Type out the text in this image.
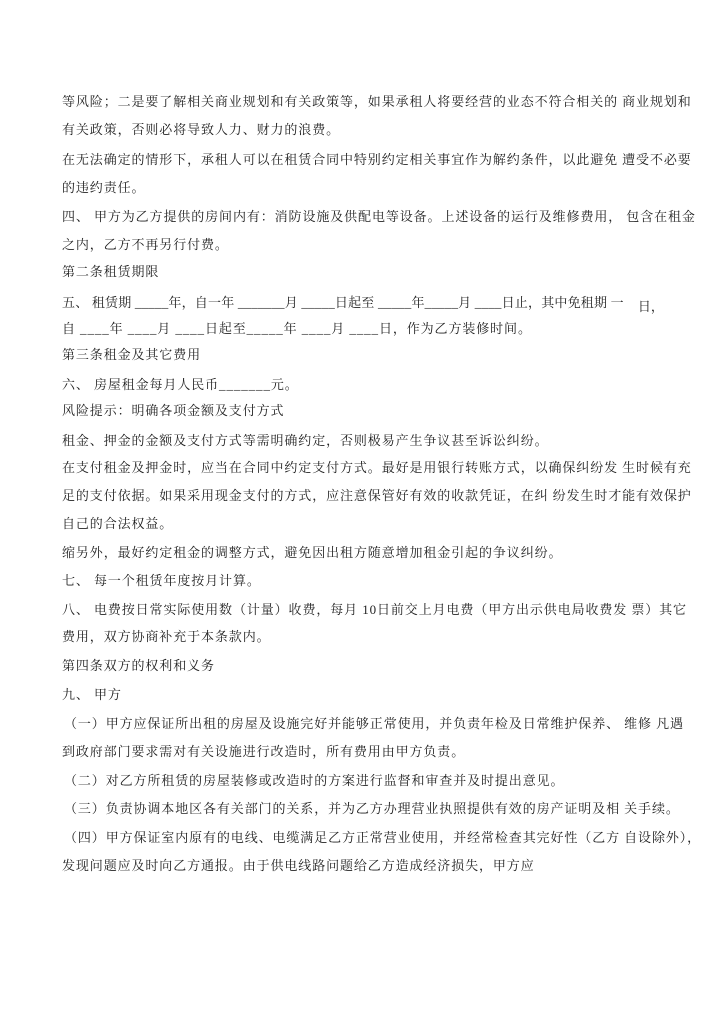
等风险；二是要了解相关商业规划和有关政策等，如果承租人将要经营的业态不符合相关的 商业规划和
有关政策，否则必将导致人力、财力的浪费。
在无法确定的情形下，承租人可以在租赁合同中特别约定相关事宜作为解约条件，以此避免 遭受不必要
的违约责任。
四、 甲方为乙方提供的房间内有：消防设施及供配电等设备。上述设备的运行及维修费用， 包含在租金
之内，乙方不再另行付费。
第二条租赁期限
五、 租赁期 _____年，自一年 _______月 _____日起至 _____年_____月 ____日止，其中免租期 一 日，
自 ____年 ____月 ____日起至_____年 ____月 ____日，作为乙方装修时间。
第三条租金及其它费用
六、 房屋租金每月人民币_______元。
风险提示：明确各项金额及支付方式
租金、押金的金额及支付方式等需明确约定，否则极易产生争议甚至诉讼纠纷。
在支付租金及押金时，应当在合同中约定支付方式。最好是用银行转账方式，以确保纠纷发 生时候有充
足的支付依据。如果采用现金支付的方式，应注意保管好有效的收款凭证，在纠 纷发生时才能有效保护
自己的合法权益。
缩另外，最好约定租金的调整方式，避免因出租方随意增加租金引起的争议纠纷。
七、 每一个租赁年度按月计算。
八、 电费按日常实际使用数（计量）收费，每月 10日前交上月电费（甲方出示供电局收费发 票）其它
费用，双方协商补充于本条款内。
第四条双方的权利和义务
九、 甲方
（一）甲方应保证所出租的房屋及设施完好并能够正常使用，并负责年检及日常维护保养、 维修 凡遇
到政府部门要求需对有关设施进行改造时，所有费用由甲方负责。
（二）对乙方所租赁的房屋装修或改造时的方案进行监督和审查并及时提出意见。
（三）负责协调本地区各有关部门的关系，并为乙方办理营业执照提供有效的房产证明及相 关手续。
（四）甲方保证室内原有的电线、电缆满足乙方正常营业使用，并经常检查其完好性（乙方 自设除外），
发现问题应及时向乙方通报。由于供电线路问题给乙方造成经济损失，甲方应
